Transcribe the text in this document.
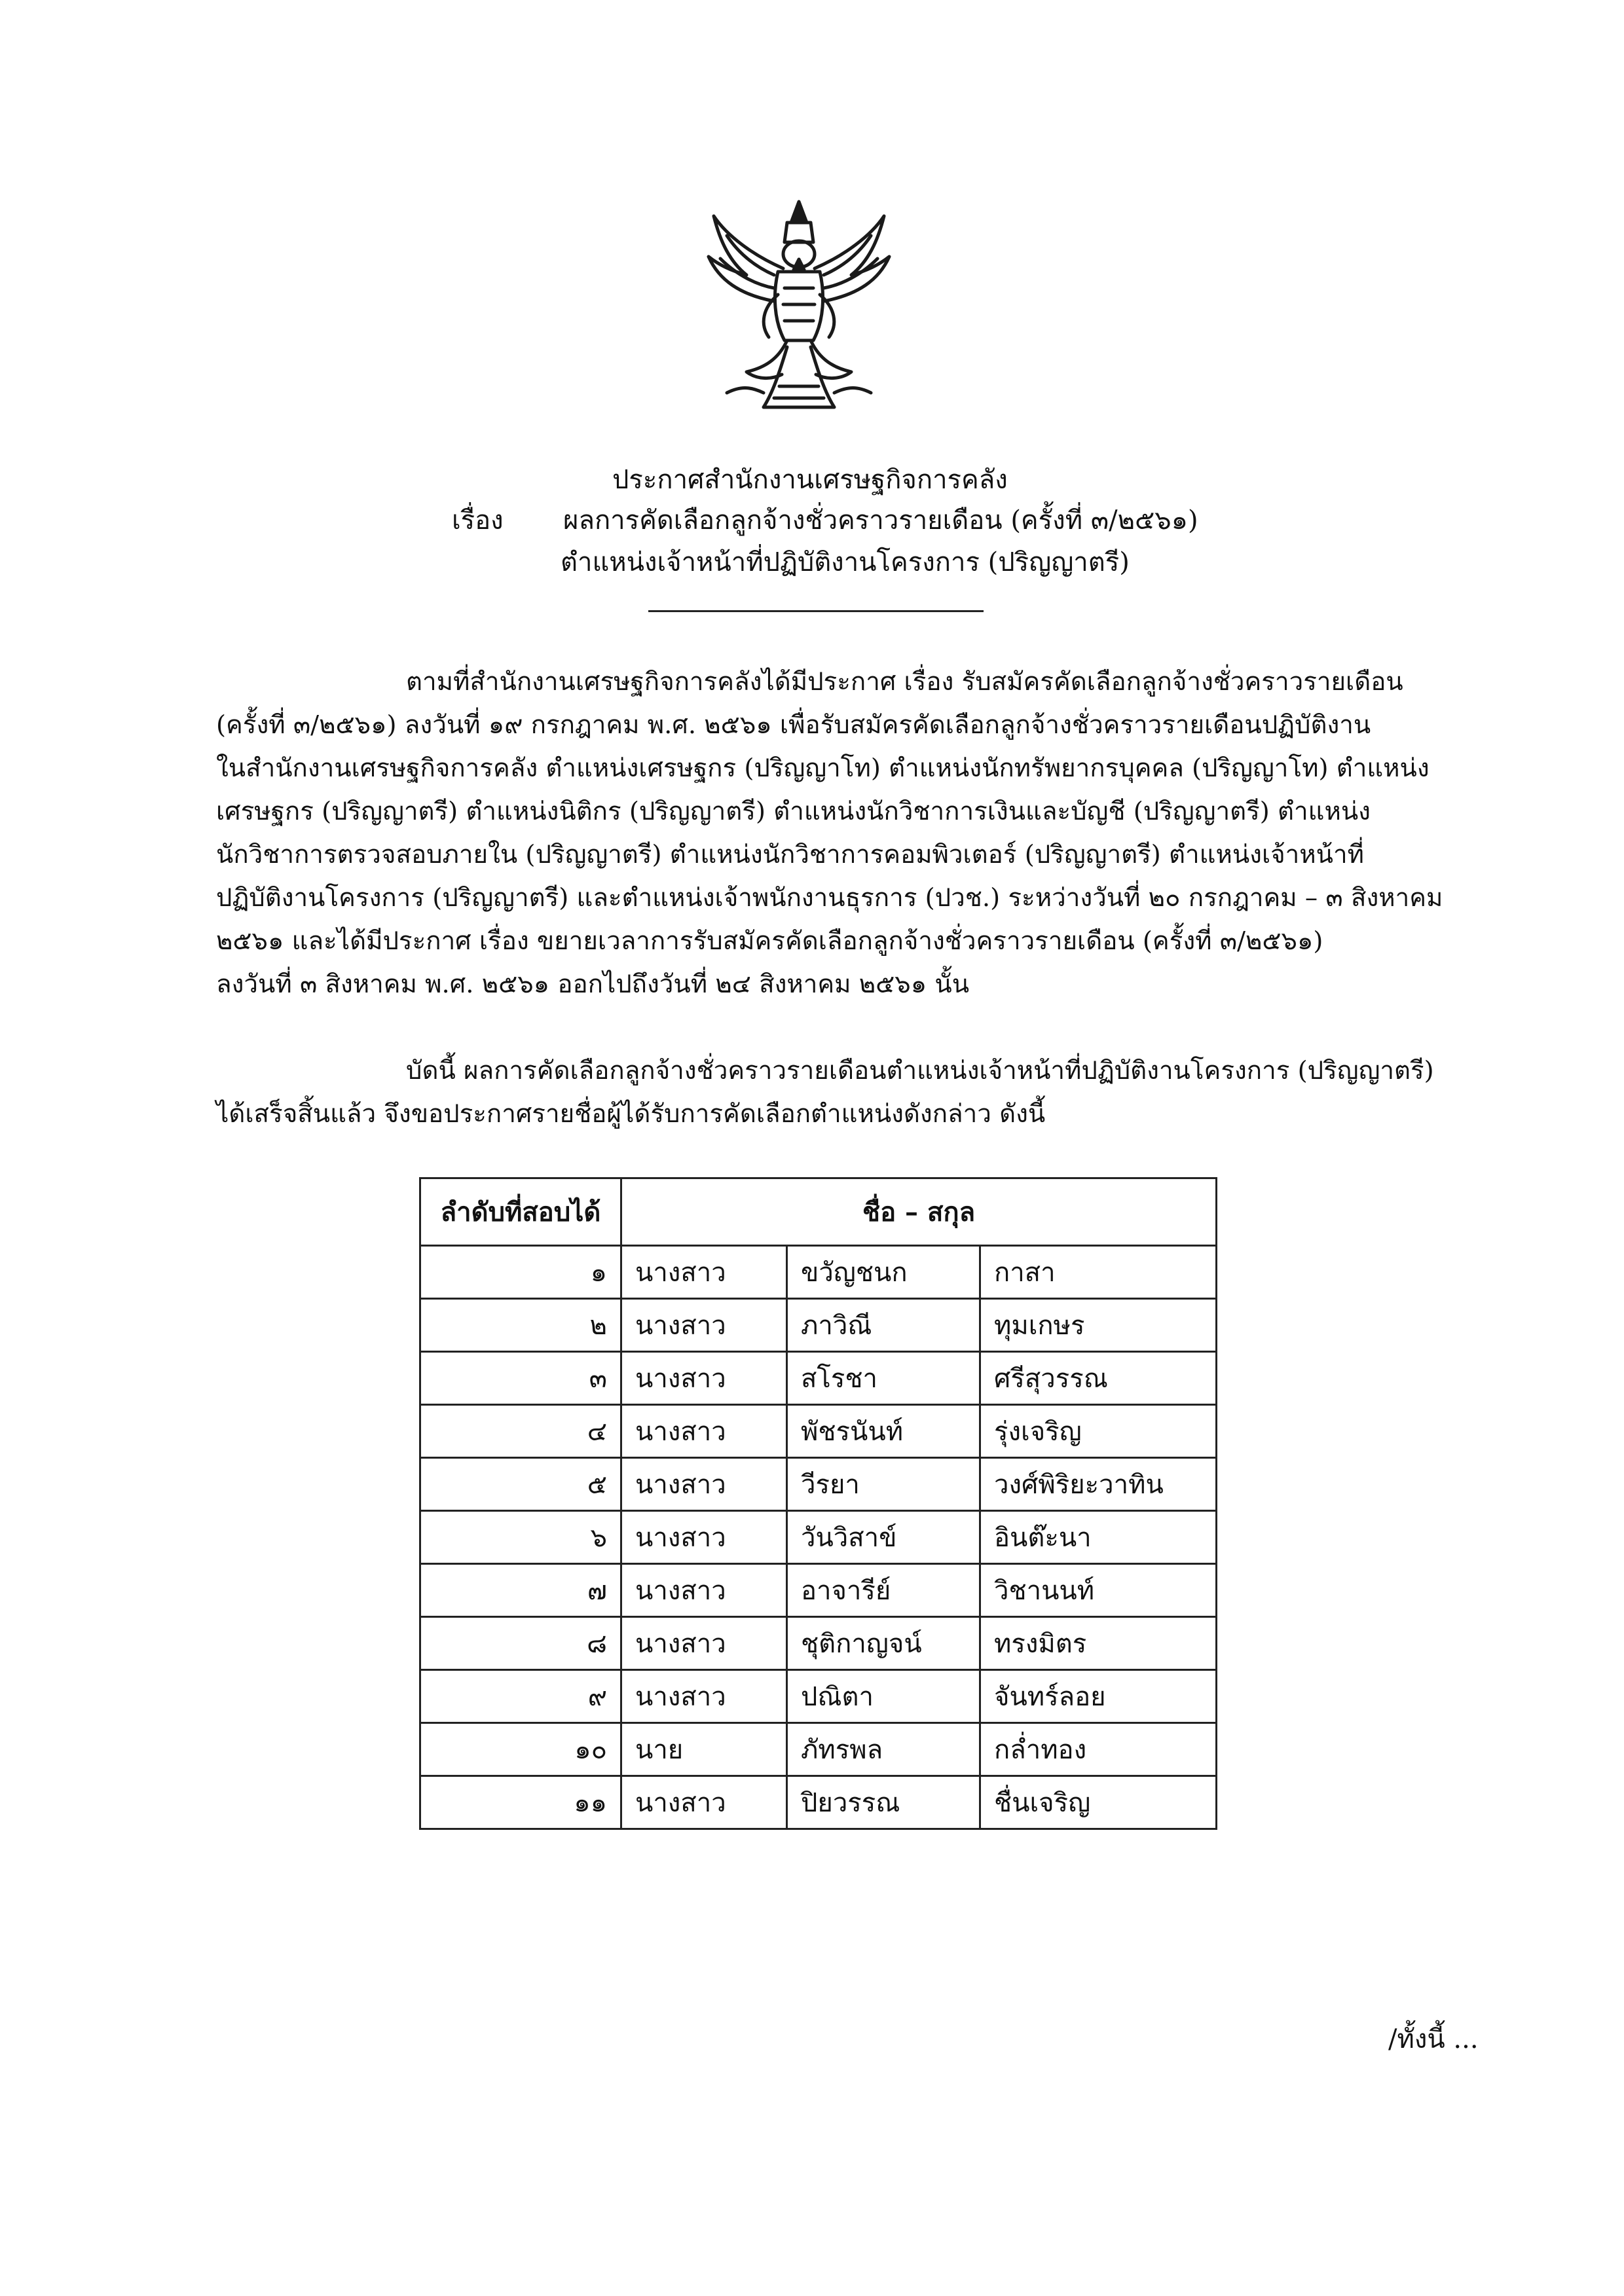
ประกาศสำนักงานเศรษฐกิจการคลัง
เรื่อง ผลการคัดเลือกลูกจ้างชั่วคราวรายเดือน (ครั้งที่ ๓/๒๕๖๑)
ตำแหน่งเจ้าหน้าที่ปฏิบัติงานโครงการ (ปริญญาตรี)
ตามที่สำนักงานเศรษฐกิจการคลังได้มีประกาศ เรื่อง รับสมัครคัดเลือกลูกจ้างชั่วคราวรายเดือน
(ครั้งที่ ๓/๒๕๖๑) ลงวันที่ ๑๙ กรกฎาคม พ.ศ. ๒๕๖๑ เพื่อรับสมัครคัดเลือกลูกจ้างชั่วคราวรายเดือนปฏิบัติงาน
ในสำนักงานเศรษฐกิจการคลัง ตำแหน่งเศรษฐกร (ปริญญาโท) ตำแหน่งนักทรัพยากรบุคคล (ปริญญาโท) ตำแหน่ง
เศรษฐกร (ปริญญาตรี) ตำแหน่งนิติกร (ปริญญาตรี) ตำแหน่งนักวิชาการเงินและบัญชี (ปริญญาตรี) ตำแหน่ง
นักวิชาการตรวจสอบภายใน (ปริญญาตรี) ตำแหน่งนักวิชาการคอมพิวเตอร์ (ปริญญาตรี) ตำแหน่งเจ้าหน้าที่
ปฏิบัติงานโครงการ (ปริญญาตรี) และตำแหน่งเจ้าพนักงานธุรการ (ปวช.) ระหว่างวันที่ ๒๐ กรกฎาคม – ๓ สิงหาคม
๒๕๖๑ และได้มีประกาศ เรื่อง ขยายเวลาการรับสมัครคัดเลือกลูกจ้างชั่วคราวรายเดือน (ครั้งที่ ๓/๒๕๖๑)
ลงวันที่ ๓ สิงหาคม พ.ศ. ๒๕๖๑ ออกไปถึงวันที่ ๒๔ สิงหาคม ๒๕๖๑ นั้น
บัดนี้ ผลการคัดเลือกลูกจ้างชั่วคราวรายเดือนตำแหน่งเจ้าหน้าที่ปฏิบัติงานโครงการ (ปริญญาตรี)
ได้เสร็จสิ้นแล้ว จึงขอประกาศรายชื่อผู้ได้รับการคัดเลือกตำแหน่งดังกล่าว ดังนี้
ลำดับที่สอบได้	ชื่อ – สกุล		
๑	นางสาว	ขวัญชนก	กาสา
๒	นางสาว	ภาวิณี	ทุมเกษร
๓	นางสาว	สโรชา	ศรีสุวรรณ
๔	นางสาว	พัชรนันท์	รุ่งเจริญ
๕	นางสาว	วีรยา	วงศ์พิริยะวาทิน
๖	นางสาว	วันวิสาข์	อินต๊ะนา
๗	นางสาว	อาจารีย์	วิชานนท์
๘	นางสาว	ชุติกาญจน์	ทรงมิตร
๙	นางสาว	ปณิตา	จันทร์ลอย
๑๐	นาย	ภัทรพล	กล่ำทอง
๑๑	นางสาว	ปิยวรรณ	ชื่นเจริญ
/ทั้งนี้ ...
